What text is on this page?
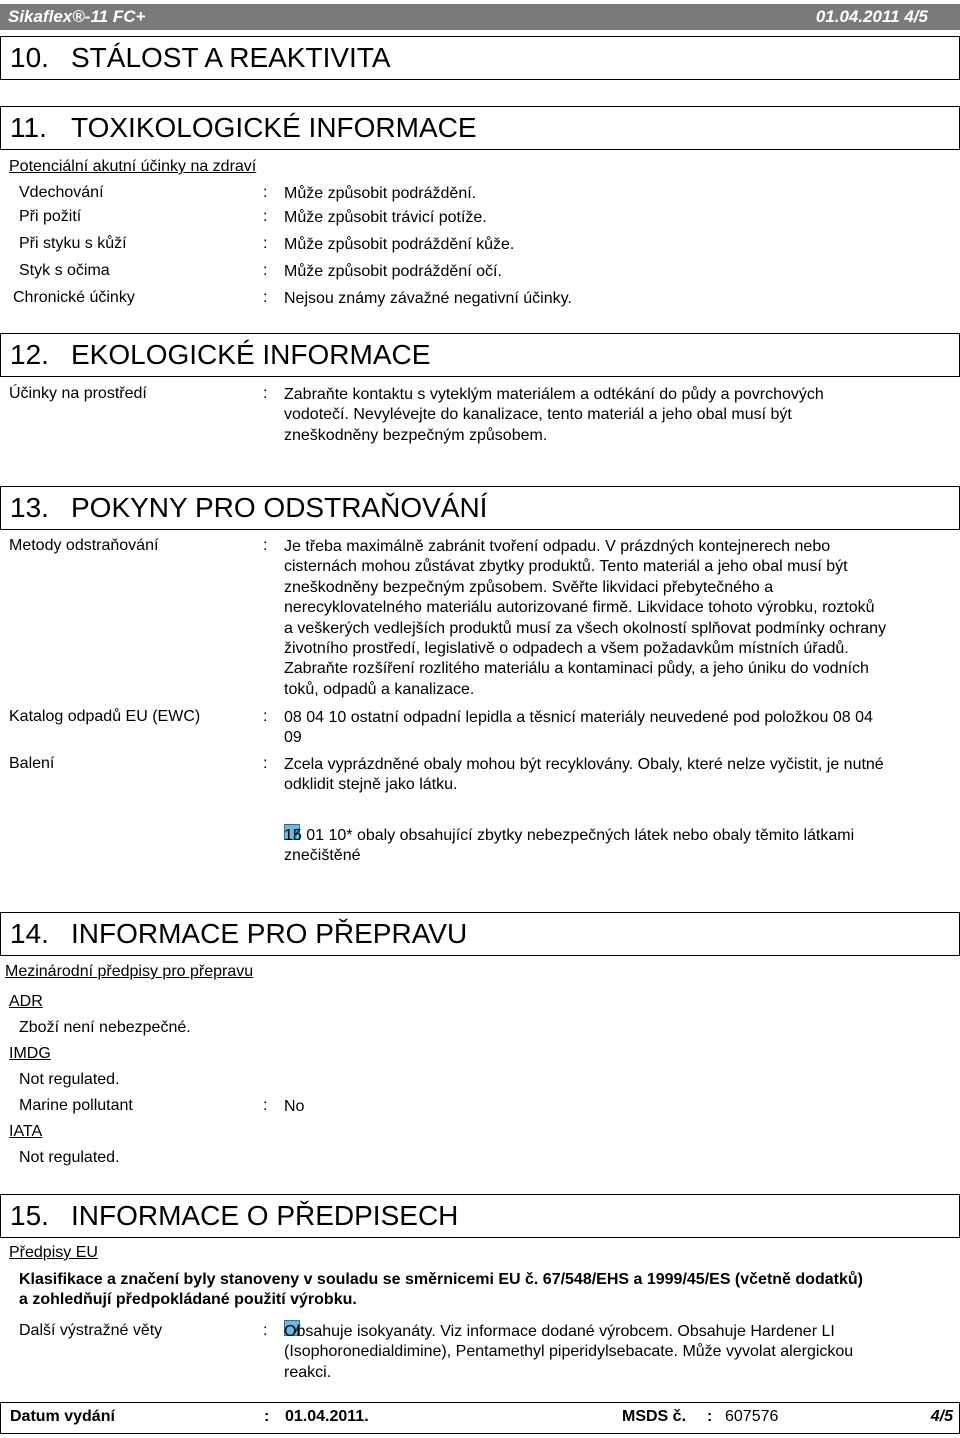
Sikaflex®-11 FC+	01.04.2011 4/5
10. STÁLOST A REAKTIVITA
11. TOXIKOLOGICKÉ INFORMACE
Potenciální akutní účinky na zdraví
Vdechování	: Může způsobit podráždění.
Při požití	: Může způsobit trávicí potíže.
Při styku s kůží	: Může způsobit podráždění kůže.
Styk s očima	: Může způsobit podráždění očí.
Chronické účinky	: Nejsou známy závažné negativní účinky.
12. EKOLOGICKÉ INFORMACE
Účinky na prostředí	: Zabraňte kontaktu s vyteklým materiálem a odtékání do půdy a povrchových
vodotečí. Nevylévejte do kanalizace, tento materiál a jeho obal musí být
zneškodněny bezpečným způsobem.
13. POKYNY PRO ODSTRAŇOVÁNÍ
Metody odstraňování	: Je třeba maximálně zabránit tvoření odpadu. V prázdných kontejnerech nebo
cisternách mohou zůstávat zbytky produktů. Tento materiál a jeho obal musí být
zneškodněny bezpečným způsobem. Svěřte likvidaci přebytečného a
nerecyklovatelného materiálu autorizované firmě. Likvidace tohoto výrobku, roztoků
a veškerých vedlejších produktů musí za všech okolností splňovat podmínky ochrany
životního prostředí, legislativě o odpadech a všem požadavkům místních úřadů.
Zabraňte rozšíření rozlitého materiálu a kontaminaci půdy, a jeho úniku do vodních
toků, odpadů a kanalizace.
Katalog odpadů EU (EWC)	: 08 04 10 ostatní odpadní lepidla a těsnicí materiály neuvedené pod položkou 08 04
09
Balení	: Zcela vyprázdněné obaly mohou být recyklovány. Obaly, které nelze vyčistit, je nutné
odklidit stejně jako látku.
15 01 10* obaly obsahující zbytky nebezpečných látek nebo obaly těmito látkami
znečištěné
14. INFORMACE PRO PŘEPRAVU
Mezinárodní předpisy pro přepravu
ADR
Zboží není nebezpečné.
IMDG
Not regulated.
Marine pollutant	: No
IATA
Not regulated.
15. INFORMACE O PŘEDPISECH
Předpisy EU
Klasifikace a značení byly stanoveny v souladu se směrnicemi EU č. 67/548/EHS a 1999/45/ES (včetně dodatků)
a zohledňují předpokládané použití výrobku.
Další výstražné věty	: Obsahuje isokyanáty. Viz informace dodané výrobcem. Obsahuje Hardener LI
(Isophoronedialdimine), Pentamethyl piperidylsebacate. Může vyvolat alergickou
reakci.
Datum vydání	: 01.04.2011.	MSDS č. : 607576	4/5
